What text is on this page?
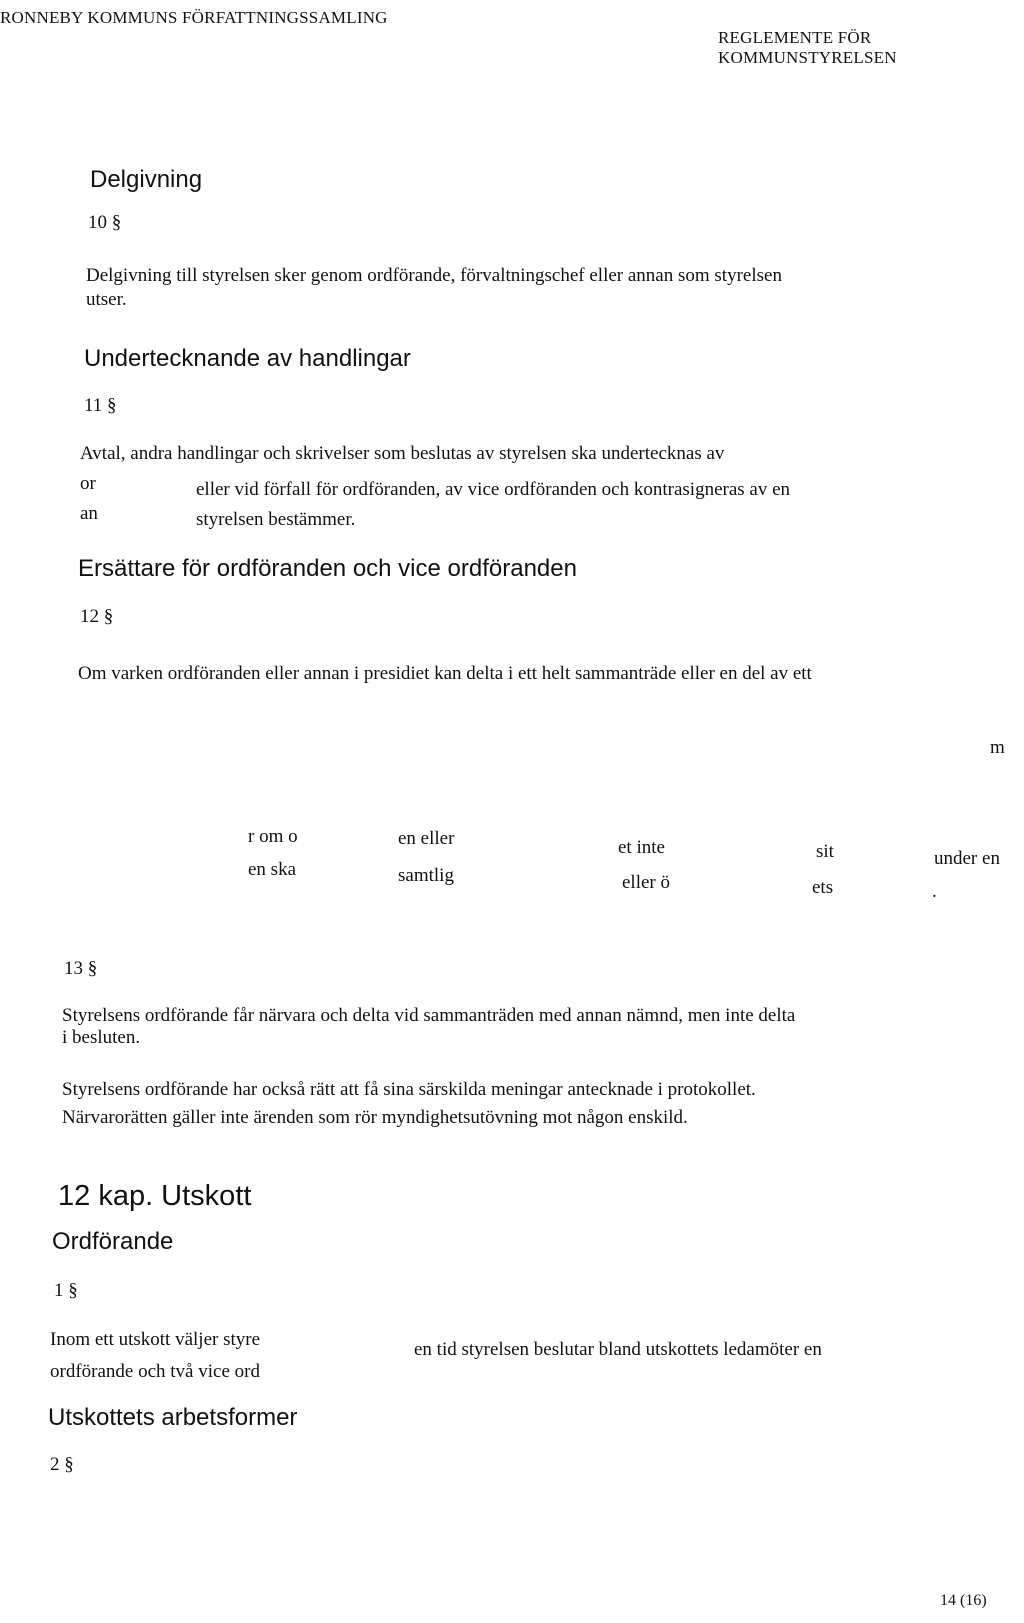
RONNEBY KOMMUNS FÖRFATTNINGSSAMLING
REGLEMENTE FÖR
KOMMUNSTYRELSEN
Delgivning
10 §
Delgivning till styrelsen sker genom ordförande, förvaltningschef eller annan som styrelsen
utser.
Undertecknande av handlingar
11 §
Avtal, andra handlingar och skrivelser som beslutas av styrelsen ska undertecknas av
or	eller vid förfall för ordföranden, av vice ordföranden och kontrasigneras av en
an	styrelsen bestämmer.
Ersättare för ordföranden och vice ordföranden
12 §
Om varken ordföranden eller annan i presidiet kan delta i ett helt sammanträde eller en del av ett
m
r om o	en eller	et inte	sit	under en
en ska	samtlig	eller ö	ets	.
13 §
Styrelsens ordförande får närvara och delta vid sammanträden med annan nämnd, men inte delta
i besluten.
Styrelsens ordförande har också rätt att få sina särskilda meningar antecknade i protokollet.
Närvarorätten gäller inte ärenden som rör myndighetsutövning mot någon enskild.
12 kap. Utskott
Ordförande
1 §
Inom ett utskott väljer styre	en tid styrelsen beslutar bland utskottets ledamöter en
ordförande och två vice ord
Utskottets arbetsformer
2 §
14 (16)
